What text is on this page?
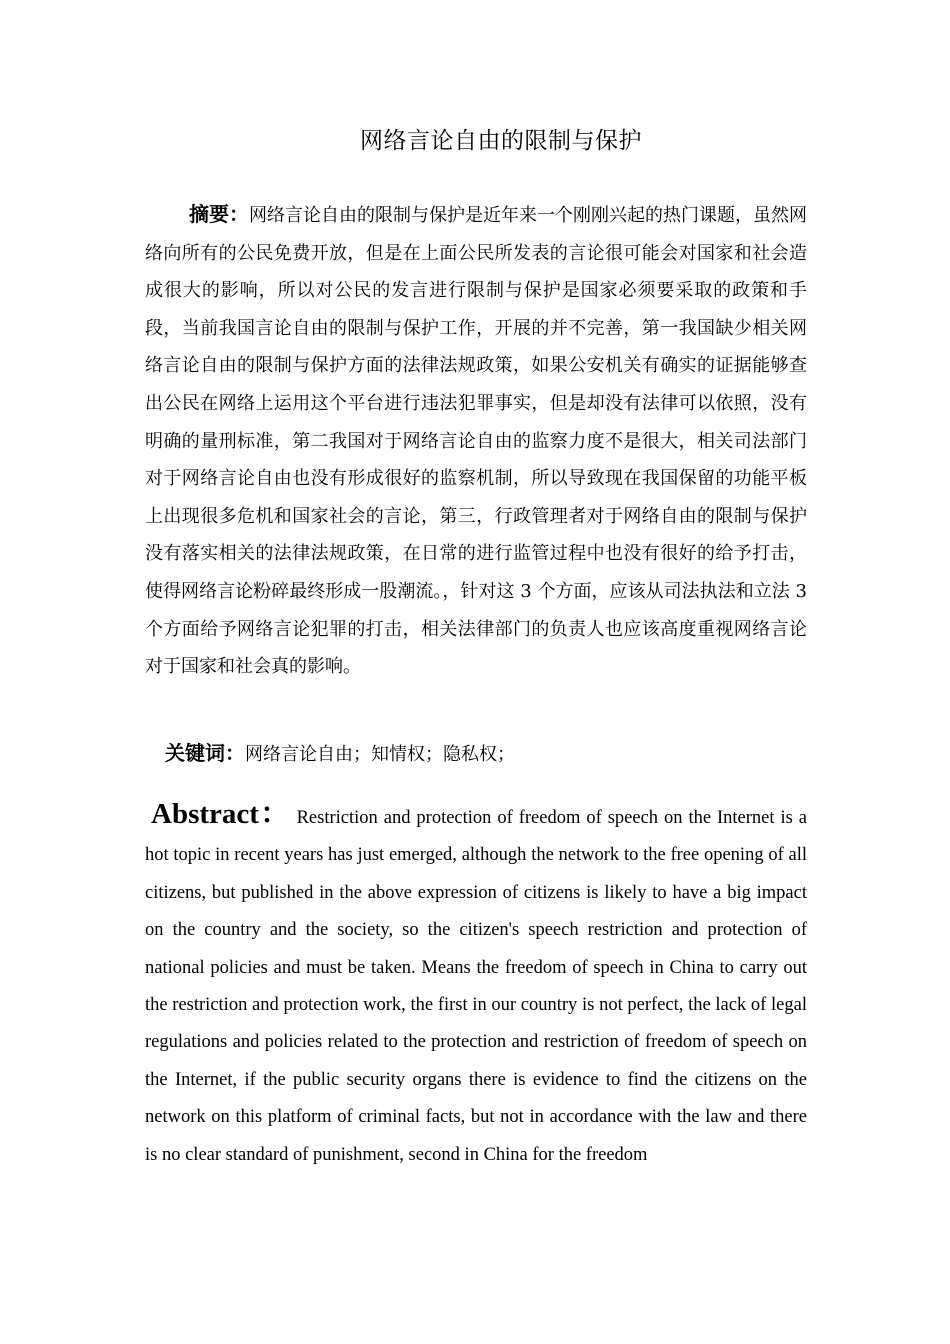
网络言论自由的限制与保护
摘要：网络言论自由的限制与保护是近年来一个刚刚兴起的热门课题，虽然网络向所有的公民免费开放，但是在上面公民所发表的言论很可能会对国家和社会造成很大的影响，所以对公民的发言进行限制与保护是国家必须要采取的政策和手段，当前我国言论自由的限制与保护工作，开展的并不完善，第一我国缺少相关网络言论自由的限制与保护方面的法律法规政策，如果公安机关有确实的证据能够查出公民在网络上运用这个平台进行违法犯罪事实，但是却没有法律可以依照，没有明确的量刑标准，第二我国对于网络言论自由的监察力度不是很大，相关司法部门对于网络言论自由也没有形成很好的监察机制，所以导致现在我国保留的功能平板上出现很多危机和国家社会的言论，第三，行政管理者对于网络自由的限制与保护没有落实相关的法律法规政策，在日常的进行监管过程中也没有很好的给予打击，使得网络言论粉碎最终形成一股潮流。，针对这 3 个方面，应该从司法执法和立法 3 个方面给予网络言论犯罪的打击，相关法律部门的负责人也应该高度重视网络言论对于国家和社会真的影响。
关键词：网络言论自由；知情权；隐私权；
Abstract： Restriction and protection of freedom of speech on the Internet is a hot topic in recent years has just emerged, although the network to the free opening of all citizens, but published in the above expression of citizens is likely to have a big impact on the country and the society, so the citizen's speech restriction and protection of national policies and must be taken. Means the freedom of speech in China to carry out the restriction and protection work, the first in our country is not perfect, the lack of legal regulations and policies related to the protection and restriction of freedom of speech on the Internet, if the public security organs there is evidence to find the citizens on the network on this platform of criminal facts, but not in accordance with the law and there is no clear standard of punishment, second in China for the freedom
